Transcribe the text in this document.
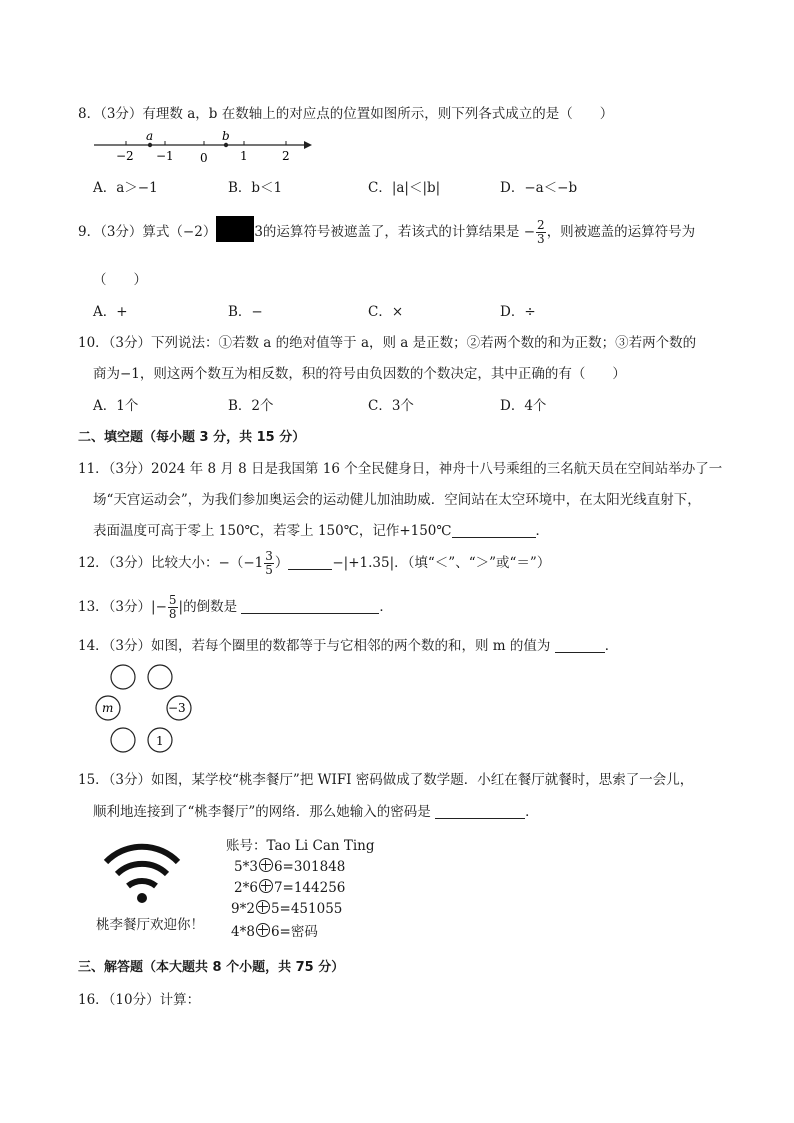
8．（3分）有理数 a，b 在数轴上的对应点的位置如图所示，则下列各式成立的是（　　）
a	b
−2 −1 0	1	2
A．a＞−1	B．b＜1	C．|a|＜|b|	D．−a＜−b
9．（3分）算式（−2）	3的运算符号被遮盖了，若该式的计算结果是 − $\frac{2}{3}$ ，则被遮盖的运算符号为
（　　）
A．+	B．−	C．×	D．÷
10．（3分）下列说法：①若数 a 的绝对值等于 a，则 a 是正数；②若两个数的和为正数；③若两个数的
商为−1，则这两个数互为相反数，积的符号由负因数的个数决定，其中正确的有（　　）
A．1个	B．2个	C．3个	D．4个
二、填空题（每小题 3 分，共 15 分）
11．（3分）2024 年 8 月 8 日是我国第 16 个全民健身日，神舟十八号乘组的三名航天员在空间站举办了一
场“天宫运动会”，为我们参加奥运会的运动健儿加油助威．空间站在太空环境中，在太阳光线直射下，
表面温度可高于零上 150℃，若零上 150℃，记作+150℃	．
12．（3分）比较大小：$-(-1 \frac{3}{5}$ ）	−|+1.35|．（填“＜”、“＞”或“＝”）
13．（3分）|− $\frac{5}{8}$ |的倒数是	．
14．（3分）如图，若每个圈里的数都等于与它相邻的两个数的和，则 m 的值为	．
m	−3
1
15．（3分）如图，某学校“桃李餐厅”把 WIFI 密码做成了数学题．小红在餐厅就餐时，思索了一会儿，
顺利地连接到了“桃李餐厅”的网络．那么她输入的密码是	．
桃李餐厅欢迎你！
账号：Tao Li Can Ting
5*3 6=301848
2*6 7=144256
9*2 5=451055
4*8 6=密码
三、解答题（本大题共 8 个小题，共 75 分）
16．（10分）计算：
